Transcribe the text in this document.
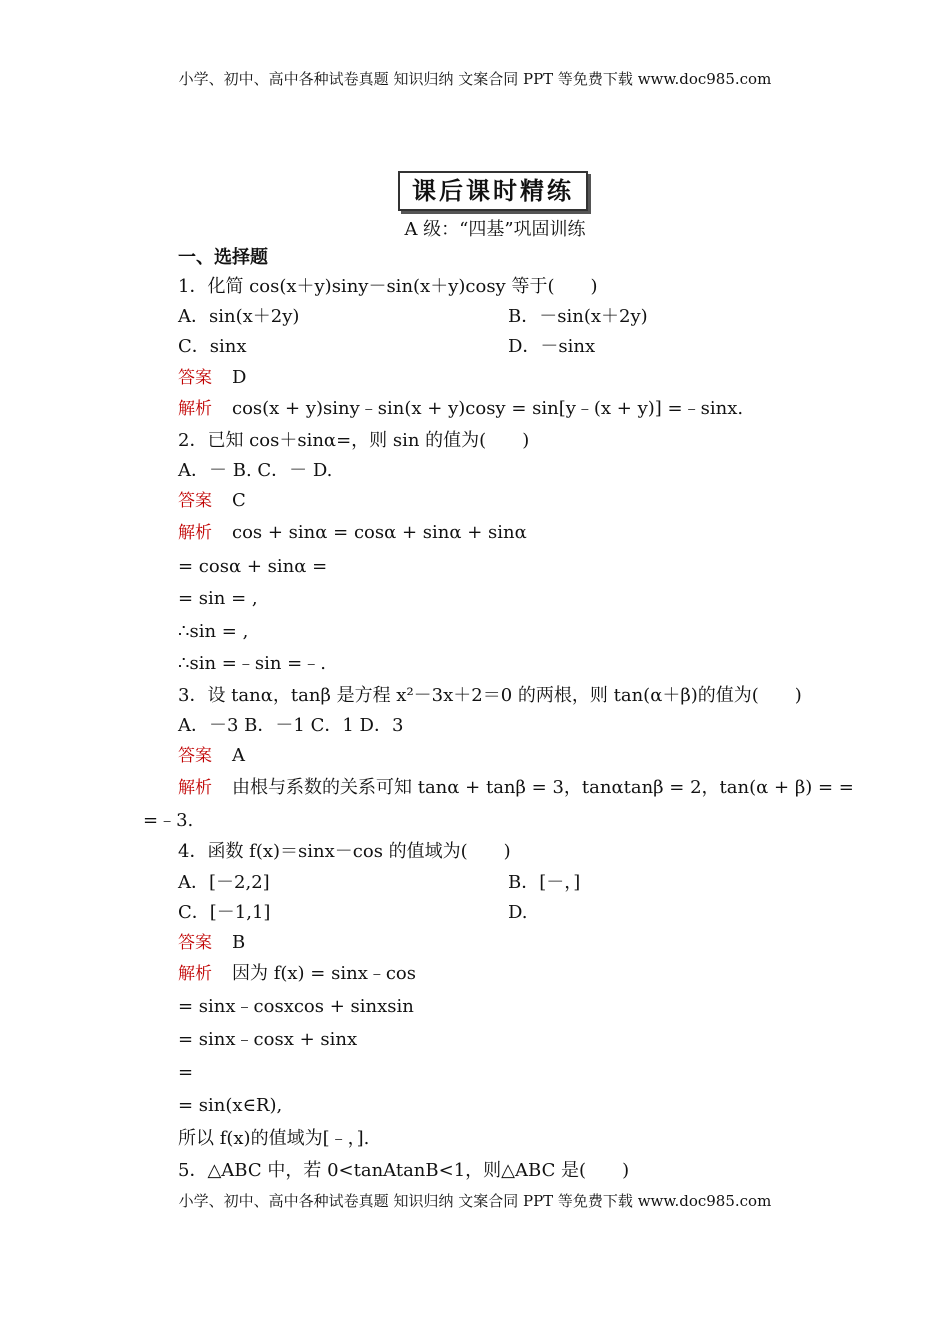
小学、初中、高中各种试卷真题 知识归纳 文案合同 PPT 等免费下载 www.doc985.com
课后课时精练
A 级：“四基”巩固训练
一、选择题
1．化简 cos(x＋y)siny－sin(x＋y)cosy 等于(　　)
A．sin(x＋2y)	B．－sin(x＋2y)
C．sinx	D．－sinx
答案 D
解析 cos(x + y)siny﹣sin(x + y)cosy = sin[y﹣(x + y)] =﹣sinx.
2．已知 cos＋sinα=，则 sin 的值为(　　)
A．－ B. C．－ D.
答案 C
解析 cos + sinα = cosα + sinα + sinα
= cosα + sinα =
= sin = ,
∴sin = ,
∴sin =﹣sin =﹣.
3．设 tanα，tanβ 是方程 x²－3x＋2＝0 的两根，则 tan(α＋β)的值为(　　)
A．－3 B．－1 C．1 D．3
答案 A
解析 由根与系数的关系可知 tanα + tanβ = 3，tanαtanβ = 2，tan(α + β) = =
=﹣3.
4．函数 f(x)＝sinx－cos 的值域为(　　)
A．[－2,2]	B．[－，]
C．[－1,1]	D.
答案 B
解析 因为 f(x) = sinx﹣cos
= sinx﹣cosxcos + sinxsin
= sinx﹣cosx + sinx
=
= sin(x∈R),
所以 f(x)的值域为[﹣，].
5．△ABC 中，若 0<tanAtanB<1，则△ABC 是(　　)
小学、初中、高中各种试卷真题 知识归纳 文案合同 PPT 等免费下载 www.doc985.com
